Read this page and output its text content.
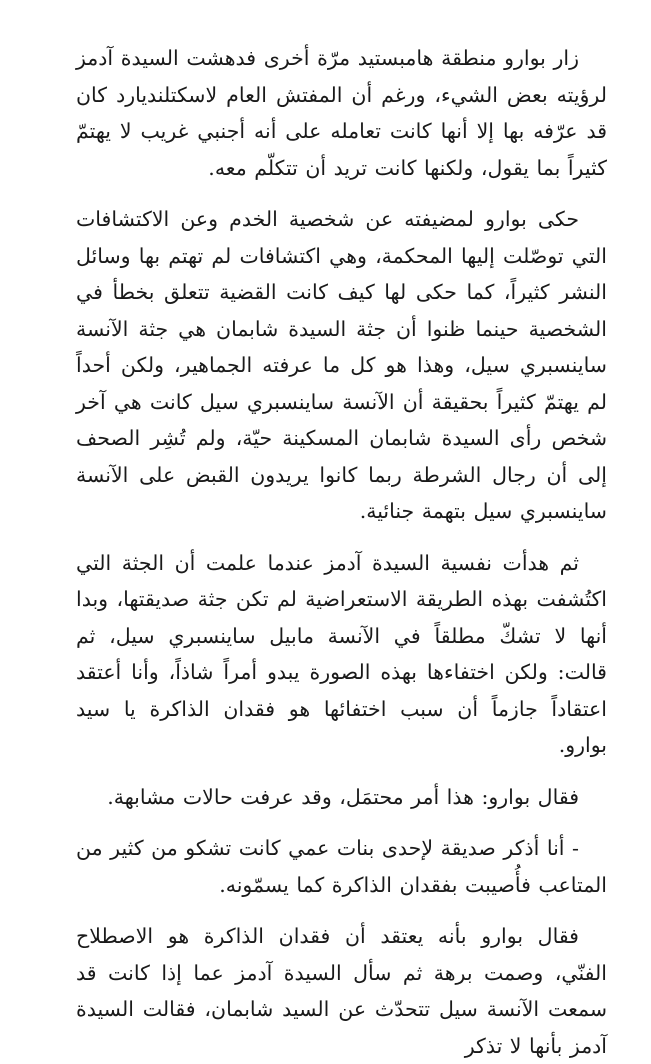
زار بوارو منطقة هامبستيد مرّة أخرى فدهشت السيدة آدمز لرؤيته بعض الشيء، ورغم أن المفتش العام لاسكتلنديارد كان قد عرّفه بها إلا أنها كانت تعامله على أنه أجنبي غريب لا يهتمّ كثيراً بما يقول، ولكنها كانت تريد أن تتكلّم معه.

حكى بوارو لمضيفته عن شخصية الخدم وعن الاكتشافات التي توصّلت إليها المحكمة، وهي اكتشافات لم تهتم بها وسائل النشر كثيراً، كما حكى لها كيف كانت القضية تتعلق بخطأ في الشخصية حينما ظنوا أن جثة السيدة شابمان هي جثة الآنسة ساينسبري سيل، وهذا هو كل ما عرفته الجماهير، ولكن أحداً لم يهتمّ كثيراً بحقيقة أن الآنسة ساينسبري سيل كانت هي آخر شخص رأى السيدة شابمان المسكينة حيّة، ولم تُشِر الصحف إلى أن رجال الشرطة ربما كانوا يريدون القبض على الآنسة ساينسبري سيل بتهمة جنائية.

ثم هدأت نفسية السيدة آدمز عندما علمت أن الجثة التي اكتُشفت بهذه الطريقة الاستعراضية لم تكن جثة صديقتها، وبدا أنها لا تشكّ مطلقاً في الآنسة مابيل ساينسبري سيل، ثم قالت: ولكن اختفاءها بهذه الصورة يبدو أمراً شاذاً، وأنا أعتقد اعتقاداً جازماً أن سبب اختفائها هو فقدان الذاكرة يا سيد بوارو.

فقال بوارو: هذا أمر محتمَل، وقد عرفت حالات مشابهة.

- أنا أذكر صديقة لإحدى بنات عمي كانت تشكو من كثير من المتاعب فأُصيبت بفقدان الذاكرة كما يسمّونه.

فقال بوارو بأنه يعتقد أن فقدان الذاكرة هو الاصطلاح الفنّي، وصمت برهة ثم سأل السيدة آدمز عما إذا كانت قد سمعت الآنسة سيل تتحدّث عن السيد شابمان، فقالت السيدة آدمز بأنها لا تذكر
